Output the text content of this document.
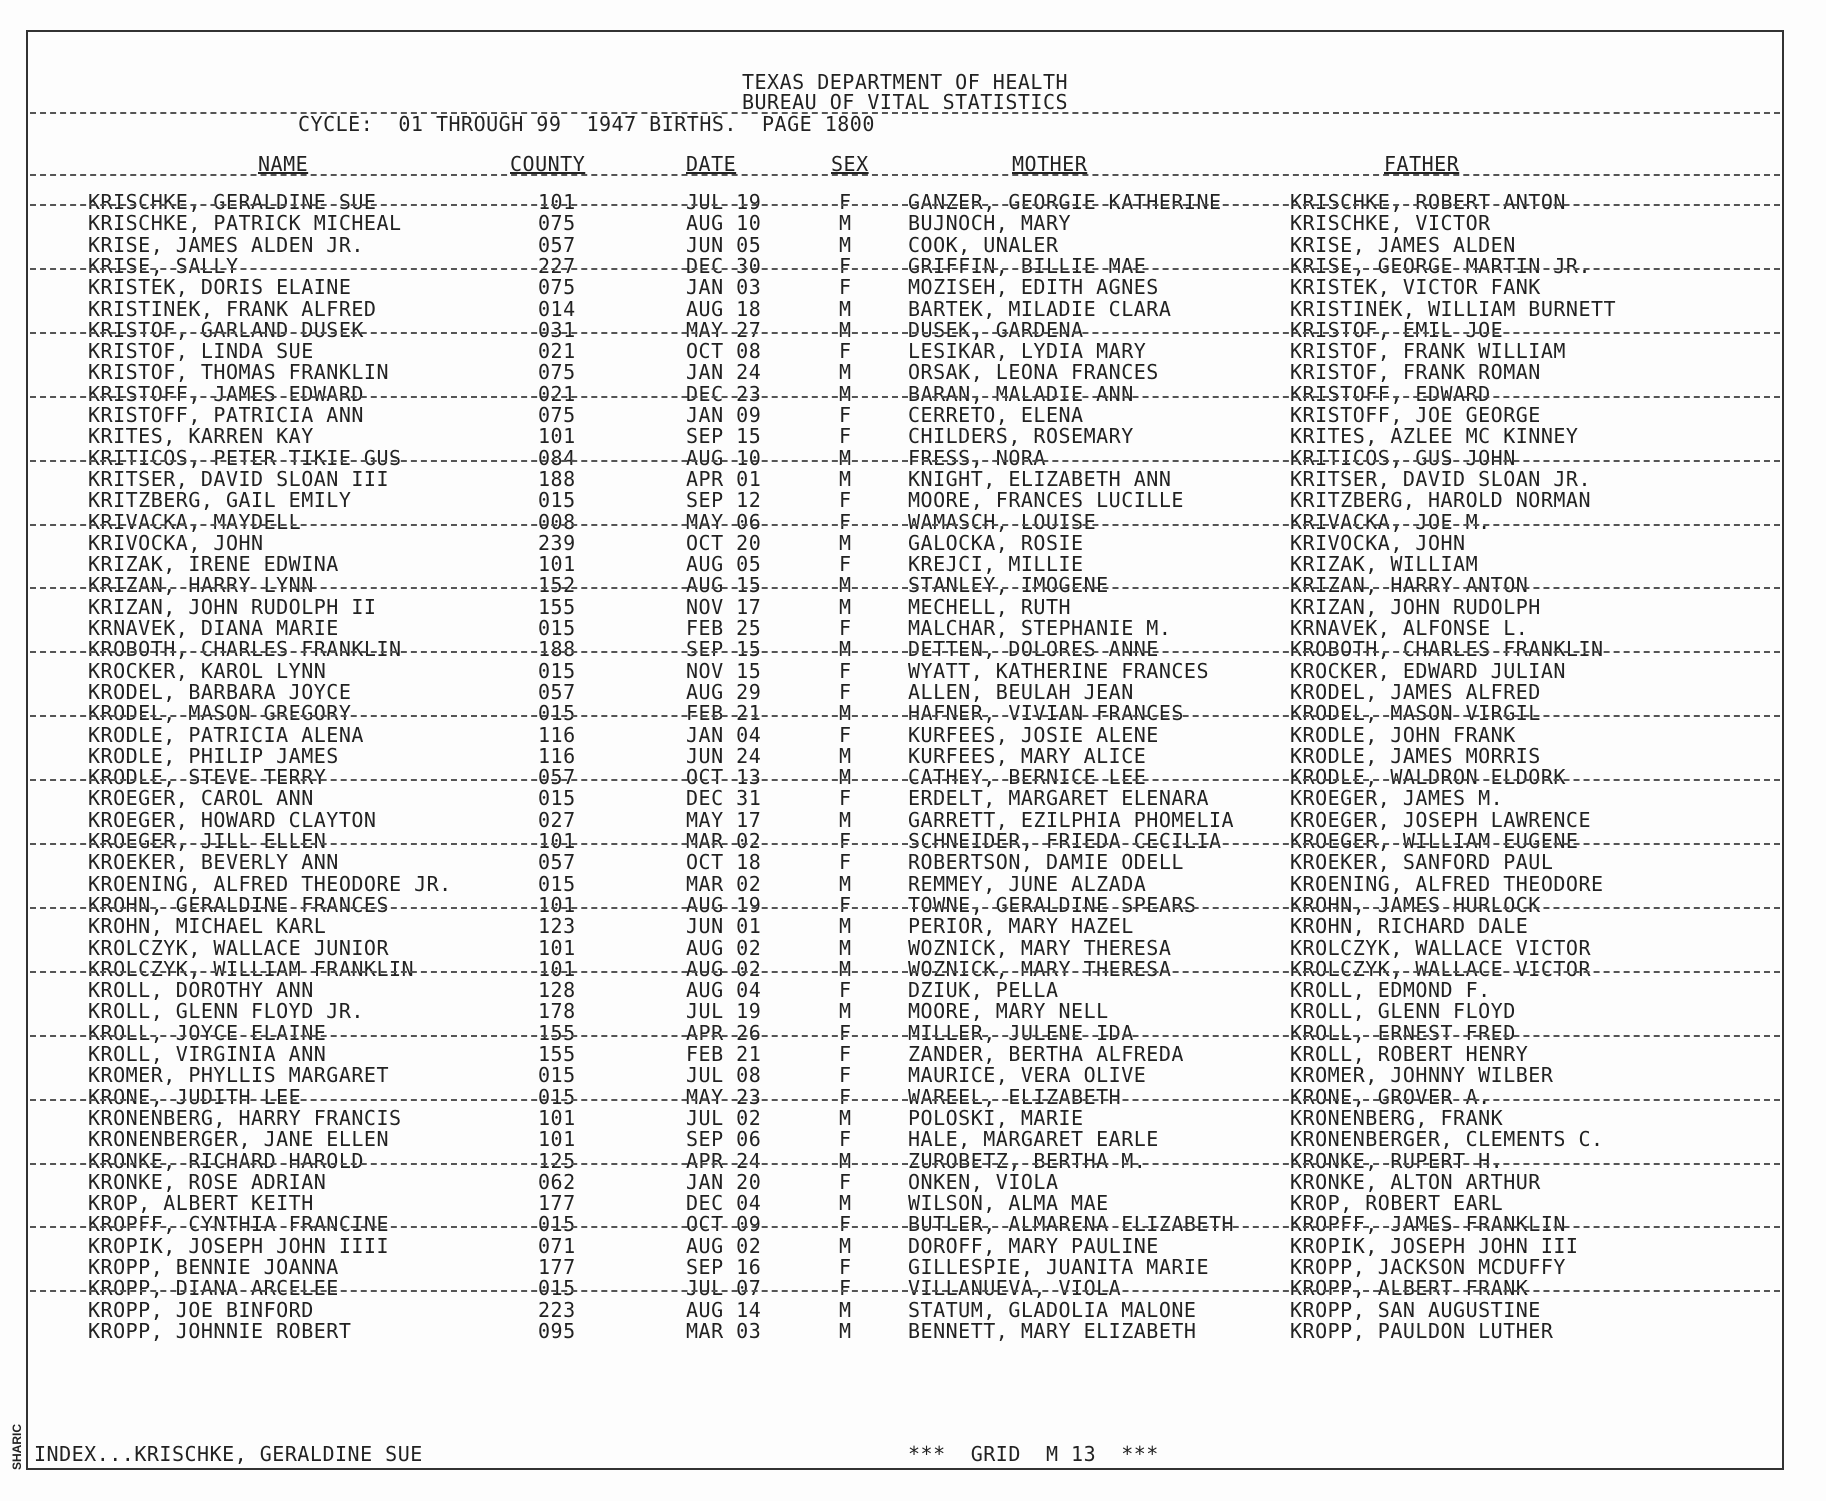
TEXAS DEPARTMENT OF HEALTH
BUREAU OF VITAL STATISTICS
CYCLE:  01 THROUGH 99  1947 BIRTHS.  PAGE 1800
NAME	COUNTY	DATE	SEX	MOTHER	FATHER
KRISCHKE, GERALDINE SUE	101	JUL 19	F	GANZER, GEORGIE KATHERINE	KRISCHKE, ROBERT ANTON
KRISCHKE, PATRICK MICHEAL	075	AUG 10	M	BUJNOCH, MARY	KRISCHKE, VICTOR
KRISE, JAMES ALDEN JR.	057	JUN 05	M	COOK, UNALER	KRISE, JAMES ALDEN
KRISE, SALLY	227	DEC 30	F	GRIFFIN, BILLIE MAE	KRISE, GEORGE MARTIN JR.
KRISTEK, DORIS ELAINE	075	JAN 03	F	MOZISEH, EDITH AGNES	KRISTEK, VICTOR FANK
KRISTINEK, FRANK ALFRED	014	AUG 18	M	BARTEK, MILADIE CLARA	KRISTINEK, WILLIAM BURNETT
KRISTOF, GARLAND DUSEK	031	MAY 27	M	DUSEK, GARDENA	KRISTOF, EMIL JOE
KRISTOF, LINDA SUE	021	OCT 08	F	LESIKAR, LYDIA MARY	KRISTOF, FRANK WILLIAM
KRISTOF, THOMAS FRANKLIN	075	JAN 24	M	ORSAK, LEONA FRANCES	KRISTOF, FRANK ROMAN
KRISTOFF, JAMES EDWARD	021	DEC 23	M	BARAN, MALADIE ANN	KRISTOFF, EDWARD
KRISTOFF, PATRICIA ANN	075	JAN 09	F	CERRETO, ELENA	KRISTOFF, JOE GEORGE
KRITES, KARREN KAY	101	SEP 15	F	CHILDERS, ROSEMARY	KRITES, AZLEE MC KINNEY
KRITICOS, PETER TIKIE GUS	084	AUG 10	M	FRESS, NORA	KRITICOS, GUS JOHN
KRITSER, DAVID SLOAN III	188	APR 01	M	KNIGHT, ELIZABETH ANN	KRITSER, DAVID SLOAN JR.
KRITZBERG, GAIL EMILY	015	SEP 12	F	MOORE, FRANCES LUCILLE	KRITZBERG, HAROLD NORMAN
KRIVACKA, MAYDELL	008	MAY 06	F	WAMASCH, LOUISE	KRIVACKA, JOE M.
KRIVOCKA, JOHN	239	OCT 20	M	GALOCKA, ROSIE	KRIVOCKA, JOHN
KRIZAK, IRENE EDWINA	101	AUG 05	F	KREJCI, MILLIE	KRIZAK, WILLIAM
KRIZAN, HARRY LYNN	152	AUG 15	M	STANLEY, IMOGENE	KRIZAN, HARRY ANTON
KRIZAN, JOHN RUDOLPH II	155	NOV 17	M	MECHELL, RUTH	KRIZAN, JOHN RUDOLPH
KRNAVEK, DIANA MARIE	015	FEB 25	F	MALCHAR, STEPHANIE M.	KRNAVEK, ALFONSE L.
KROBOTH, CHARLES FRANKLIN	188	SEP 15	M	DETTEN, DOLORES ANNE	KROBOTH, CHARLES FRANKLIN
KROCKER, KAROL LYNN	015	NOV 15	F	WYATT, KATHERINE FRANCES	KROCKER, EDWARD JULIAN
KRODEL, BARBARA JOYCE	057	AUG 29	F	ALLEN, BEULAH JEAN	KRODEL, JAMES ALFRED
KRODEL, MASON GREGORY	015	FEB 21	M	HAFNER, VIVIAN FRANCES	KRODEL, MASON VIRGIL
KRODLE, PATRICIA ALENA	116	JAN 04	F	KURFEES, JOSIE ALENE	KRODLE, JOHN FRANK
KRODLE, PHILIP JAMES	116	JUN 24	M	KURFEES, MARY ALICE	KRODLE, JAMES MORRIS
KRODLE, STEVE TERRY	057	OCT 13	M	CATHEY, BERNICE LEE	KRODLE, WALDRON ELDORK
KROEGER, CAROL ANN	015	DEC 31	F	ERDELT, MARGARET ELENARA	KROEGER, JAMES M.
KROEGER, HOWARD CLAYTON	027	MAY 17	M	GARRETT, EZILPHIA PHOMELIA	KROEGER, JOSEPH LAWRENCE
KROEGER, JILL ELLEN	101	MAR 02	F	SCHNEIDER, FRIEDA CECILIA	KROEGER, WILLIAM EUGENE
KROEKER, BEVERLY ANN	057	OCT 18	F	ROBERTSON, DAMIE ODELL	KROEKER, SANFORD PAUL
KROENING, ALFRED THEODORE JR.	015	MAR 02	M	REMMEY, JUNE ALZADA	KROENING, ALFRED THEODORE
KROHN, GERALDINE FRANCES	101	AUG 19	F	TOWNE, GERALDINE SPEARS	KROHN, JAMES HURLOCK
KROHN, MICHAEL KARL	123	JUN 01	M	PERIOR, MARY HAZEL	KROHN, RICHARD DALE
KROLCZYK, WALLACE JUNIOR	101	AUG 02	M	WOZNICK, MARY THERESA	KROLCZYK, WALLACE VICTOR
KROLCZYK, WILLIAM FRANKLIN	101	AUG 02	M	WOZNICK, MARY THERESA	KROLCZYK, WALLACE VICTOR
KROLL, DOROTHY ANN	128	AUG 04	F	DZIUK, PELLA	KROLL, EDMOND F.
KROLL, GLENN FLOYD JR.	178	JUL 19	M	MOORE, MARY NELL	KROLL, GLENN FLOYD
KROLL, JOYCE ELAINE	155	APR 26	F	MILLER, JULENE IDA	KROLL, ERNEST FRED
KROLL, VIRGINIA ANN	155	FEB 21	F	ZANDER, BERTHA ALFREDA	KROLL, ROBERT HENRY
KROMER, PHYLLIS MARGARET	015	JUL 08	F	MAURICE, VERA OLIVE	KROMER, JOHNNY WILBER
KRONE, JUDITH LEE	015	MAY 23	F	WAREEL, ELIZABETH	KRONE, GROVER A.
KRONENBERG, HARRY FRANCIS	101	JUL 02	M	POLOSKI, MARIE	KRONENBERG, FRANK
KRONENBERGER, JANE ELLEN	101	SEP 06	F	HALE, MARGARET EARLE	KRONENBERGER, CLEMENTS C.
KRONKE, RICHARD HAROLD	125	APR 24	M	ZUROBETZ, BERTHA M.	KRONKE, RUPERT H.
KRONKE, ROSE ADRIAN	062	JAN 20	F	ONKEN, VIOLA	KRONKE, ALTON ARTHUR
KROP, ALBERT KEITH	177	DEC 04	M	WILSON, ALMA MAE	KROP, ROBERT EARL
KROPFF, CYNTHIA FRANCINE	015	OCT 09	F	BUTLER, ALMARENA ELIZABETH	KROPFF, JAMES FRANKLIN
KROPIK, JOSEPH JOHN IIII	071	AUG 02	M	DOROFF, MARY PAULINE	KROPIK, JOSEPH JOHN III
KROPP, BENNIE JOANNA	177	SEP 16	F	GILLESPIE, JUANITA MARIE	KROPP, JACKSON MCDUFFY
KROPP, DIANA ARCELEE	015	JUL 07	F	VILLANUEVA, VIOLA	KROPP, ALBERT FRANK
KROPP, JOE BINFORD	223	AUG 14	M	STATUM, GLADOLIA MALONE	KROPP, SAN AUGUSTINE
KROPP, JOHNNIE ROBERT	095	MAR 03	M	BENNETT, MARY ELIZABETH	KROPP, PAULDON LUTHER
INDEX...KRISCHKE, GERALDINE SUE	***  GRID  M 13  ***
SHARIC
